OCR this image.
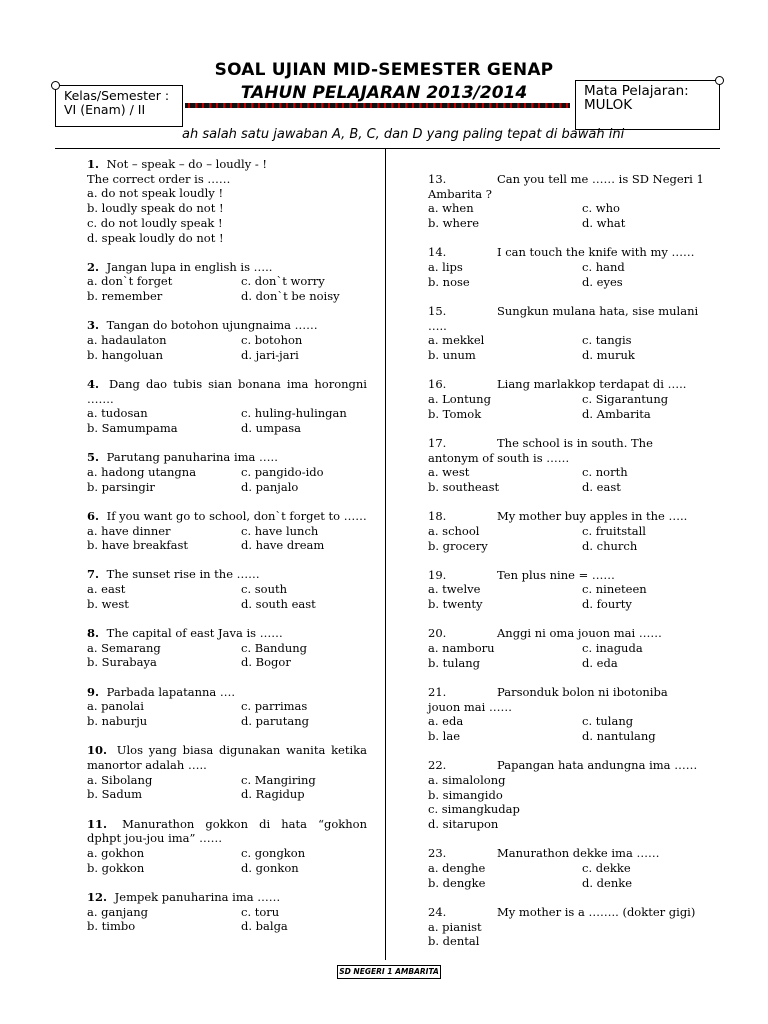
SOAL UJIAN MID-SEMESTER GENAP
TAHUN PELAJARAN 2013/2014
Kelas/Semester :
VI (Enam) / II
Mata Pelajaran:
MULOK
ah salah satu jawaban A, B, C, dan D yang paling tepat di bawah ini
1. Not – speak – do – loudly - !
The correct order is ……
a. do not speak loudly !
b. loudly speak do not !
c. do not loudly speak !
d. speak loudly do not !
2. Jangan lupa in english is …..
a. don`t forget	c. don`t worry
b. remember	d. don`t be noisy
3. Tangan do botohon ujungnaima ……
a. hadaulaton	c. botohon
b. hangoluan	d. jari-jari
4. Dang dao tubis sian bonana ima horongni …….
a. tudosan	c. huling-hulingan
b. Samumpama	d. umpasa
5. Parutang panuharina ima …..
a. hadong utangna	c. pangido-ido
b. parsingir	d. panjalo
6. If you want go to school, don`t forget to ……
a. have dinner	c. have lunch
b. have breakfast	d. have dream
7. The sunset rise in the ……
a. east	c. south
b. west	d. south east
8. The capital of east Java is ……
a. Semarang	c. Bandung
b. Surabaya	d. Bogor
9. Parbada lapatanna ….
a. panolai	c. parrimas
b. naburju	d. parutang
10. Ulos yang biasa digunakan wanita ketika manortor adalah …..
a. Sibolang	c. Mangiring
b. Sadum	d. Ragidup
11. Manurathon gokkon di hata “gokhon dphpt jou-jou ima” ……
a. gokhon	c. gongkon
b. gokkon	d. gonkon
12. Jempek panuharina ima ……
a. ganjang	c. toru
b. timbo	d. balga
13.	Can you tell me …… is SD Negeri 1
Ambarita ?
a. when	c. who
b. where	d. what
14.	I can touch the knife with my ……
a. lips	c. hand
b. nose	d. eyes
15.	Sungkun mulana hata, sise mulani
…..
a. mekkel	c. tangis
b. unum	d. muruk
16.	Liang marlakkop terdapat di …..
a. Lontung	c. Sigarantung
b. Tomok	d. Ambarita
17.	The school is in south. The
antonym of south is ……
a. west	c. north
b. southeast	d. east
18.	My mother buy apples in the …..
a. school	c. fruitstall
b. grocery	d. church
19.	Ten plus nine = ……
a. twelve	c. nineteen
b. twenty	d. fourty
20.	Anggi ni oma jouon mai ……
a. namboru	c. inaguda
b. tulang	d. eda
21.	Parsonduk bolon ni ibotoniba
jouon mai ……
a. eda	c. tulang
b. lae	d. nantulang
22.	Papangan hata andungna ima ……
a. simalolong
b. simangido
c. simangkudap
d. sitarupon
23.	Manurathon dekke ima ……
a. denghe	c. dekke
b. dengke	d. denke
24.	My mother is a …….. (dokter gigi)
a. pianist
b. dental
SD NEGERI 1 AMBARITA
